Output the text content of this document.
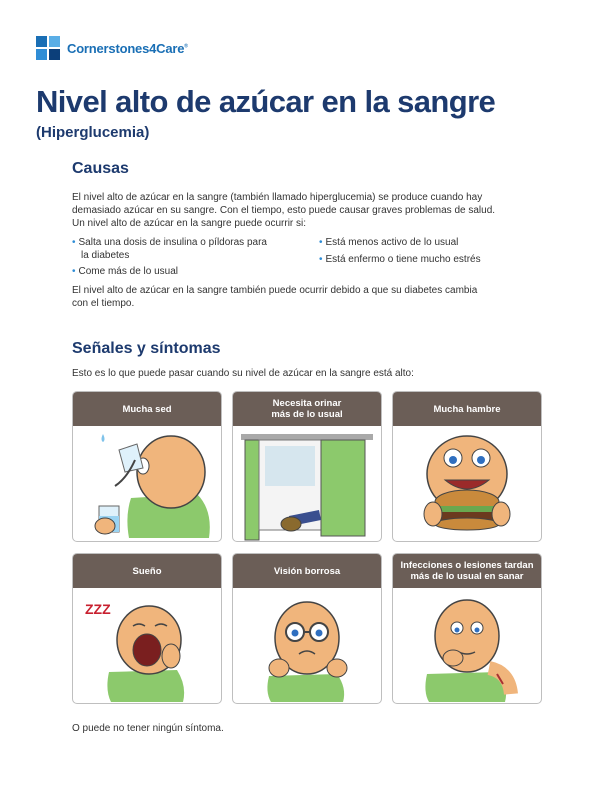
Cornerstones4Care®
Nivel alto de azúcar en la sangre
(Hiperglucemia)
Causas
El nivel alto de azúcar en la sangre (también llamado hiperglucemia) se produce cuando hay
demasiado azúcar en su sangre. Con el tiempo, esto puede causar graves problemas de salud.
Un nivel alto de azúcar en la sangre puede ocurrir si:
• Salta una dosis de insulina o píldoras para
la diabetes
• Come más de lo usual
• Está menos activo de lo usual
• Está enfermo o tiene mucho estrés
El nivel alto de azúcar en la sangre también puede ocurrir debido a que su diabetes cambia
con el tiempo.
Señales y síntomas
Esto es lo que puede pasar cuando su nivel de azúcar en la sangre está alto:
Mucha sed	Necesita orinar
más de lo usual	Mucha hambre
Sueño
ZZZ
Visión borrosa	Infecciones o lesiones tardan
más de lo usual en sanar
O puede no tener ningún síntoma.
